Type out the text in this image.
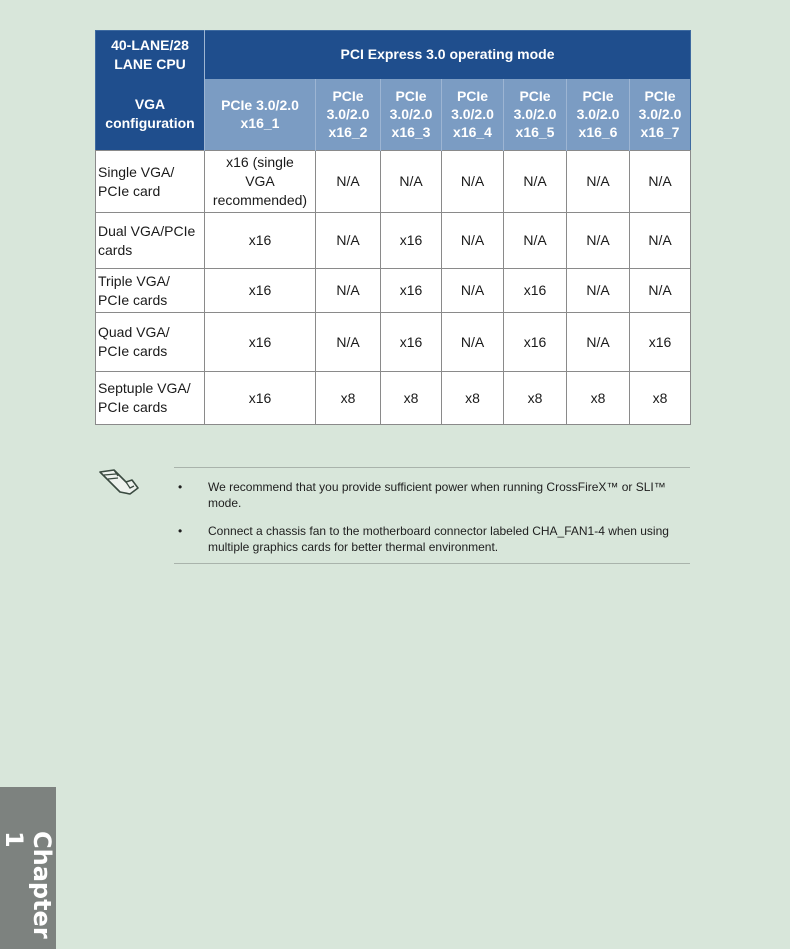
40-LANE/28 LANE CPU	PCI Express 3.0 operating mode						
VGA configuration	PCIe 3.0/2.0 x16_1	PCIe 3.0/2.0 x16_2	PCIe 3.0/2.0 x16_3	PCIe 3.0/2.0 x16_4	PCIe 3.0/2.0 x16_5	PCIe 3.0/2.0 x16_6	PCIe 3.0/2.0 x16_7
Single VGA/ PCIe card	x16 (single VGA recommended)	N/A	N/A	N/A	N/A	N/A	N/A
Dual VGA/PCIe cards	x16	N/A	x16	N/A	N/A	N/A	N/A
Triple VGA/ PCIe cards	x16	N/A	x16	N/A	x16	N/A	N/A
Quad VGA/ PCIe cards	x16	N/A	x16	N/A	x16	N/A	x16
Septuple VGA/ PCIe cards	x16	x8	x8	x8	x8	x8	x8
• We recommend that you provide sufficient power when running CrossFireX™ or SLI™ mode.
• Connect a chassis fan to the motherboard connector labeled CHA_FAN1-4 when using multiple graphics cards for better thermal environment.
Chapter 1
